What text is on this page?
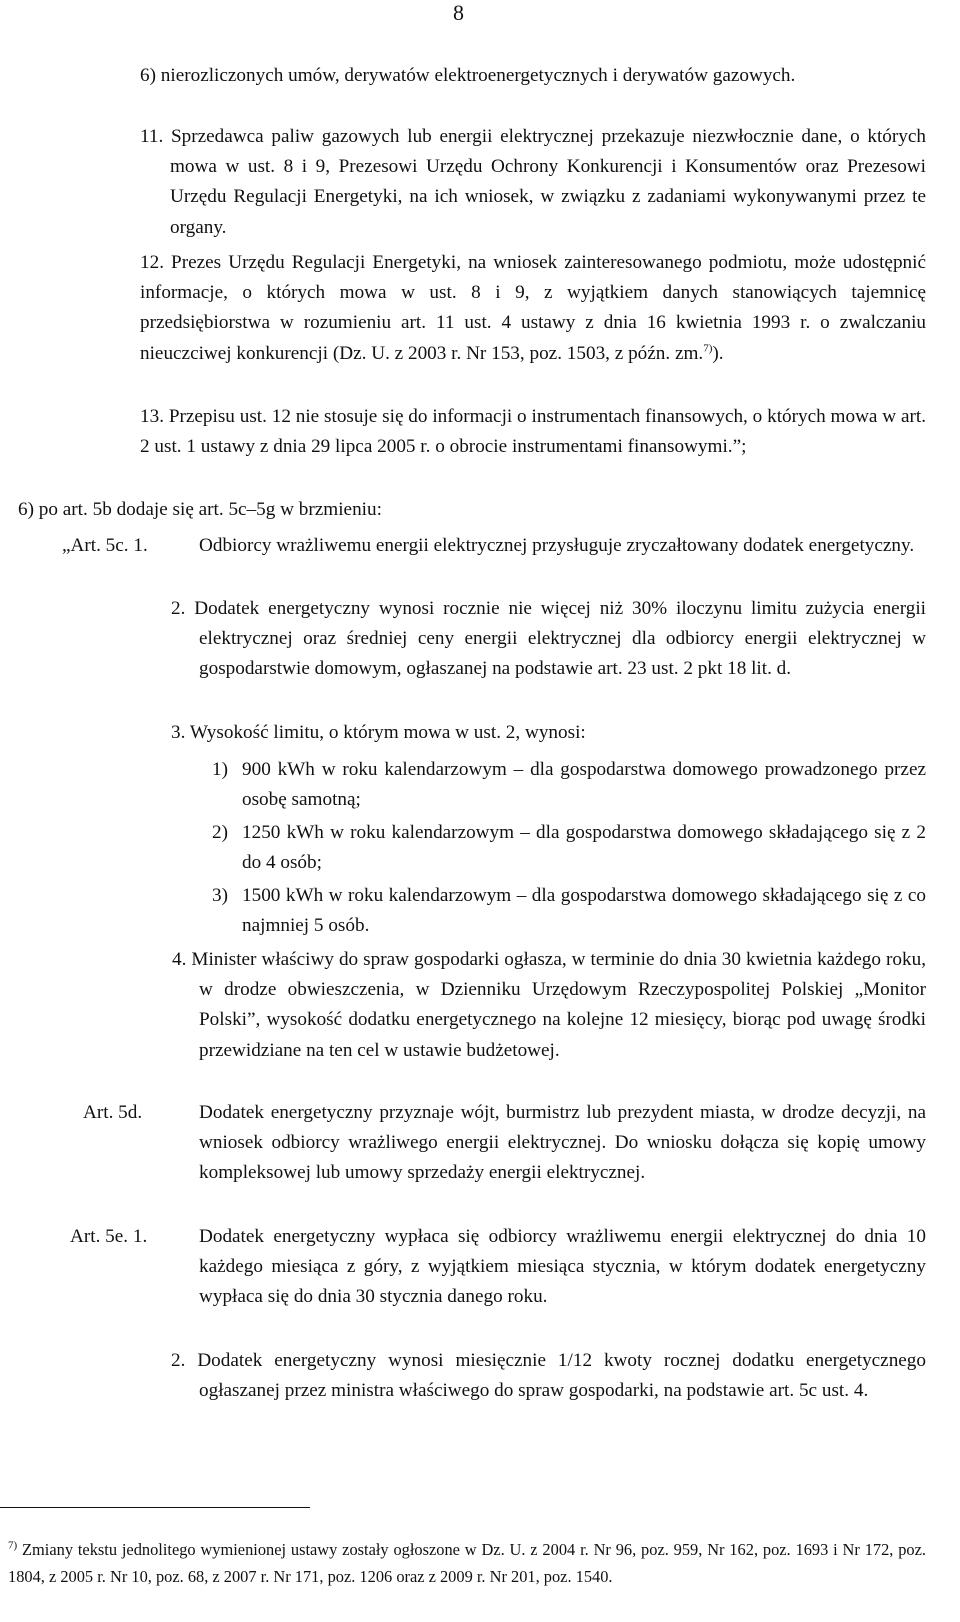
8
6) nierozliczonych umów, derywatów elektroenergetycznych i derywatów gazowych.
11. Sprzedawca paliw gazowych lub energii elektrycznej przekazuje niezwłocznie dane, o których mowa w ust. 8 i 9, Prezesowi Urzędu Ochrony Konkurencji i Konsumentów oraz Prezesowi Urzędu Regulacji Energetyki, na ich wniosek, w związku z zadaniami wykonywanymi przez te organy.
12. Prezes Urzędu Regulacji Energetyki, na wniosek zainteresowanego podmiotu, może udostępnić informacje, o których mowa w ust. 8 i 9, z wyjątkiem danych stanowiących tajemnicę przedsiębiorstwa w rozumieniu art. 11 ust. 4 ustawy z dnia 16 kwietnia 1993 r. o zwalczaniu nieuczciwej konkurencji (Dz. U. z 2003 r. Nr 153, poz. 1503, z późn. zm.$^{7)}$).
13. Przepisu ust. 12 nie stosuje się do informacji o instrumentach finansowych, o których mowa w art. 2 ust. 1 ustawy z dnia 29 lipca 2005 r. o obrocie instrumentami finansowymi.”;
6) po art. 5b dodaje się art. 5c–5g w brzmieniu:
„Art. 5c. 1.	Odbiorcy wrażliwemu energii elektrycznej przysługuje zryczałtowany dodatek energetyczny.
2. Dodatek energetyczny wynosi rocznie nie więcej niż 30% iloczynu limitu zużycia energii elektrycznej oraz średniej ceny energii elektrycznej dla odbiorcy energii elektrycznej w gospodarstwie domowym, ogłaszanej na podstawie art. 23 ust. 2 pkt 18 lit. d.
3. Wysokość limitu, o którym mowa w ust. 2, wynosi:
1) 900 kWh w roku kalendarzowym – dla gospodarstwa domowego prowadzonego przez osobę samotną;
2) 1250 kWh w roku kalendarzowym – dla gospodarstwa domowego składającego się z 2 do 4 osób;
3) 1500 kWh w roku kalendarzowym – dla gospodarstwa domowego składającego się z co najmniej 5 osób.
4. Minister właściwy do spraw gospodarki ogłasza, w terminie do dnia 30 kwietnia każdego roku, w drodze obwieszczenia, w Dzienniku Urzędowym Rzeczypospolitej Polskiej „Monitor Polski”, wysokość dodatku energetycznego na kolejne 12 miesięcy, biorąc pod uwagę środki przewidziane na ten cel w ustawie budżetowej.
Art. 5d.	Dodatek energetyczny przyznaje wójt, burmistrz lub prezydent miasta, w drodze decyzji, na wniosek odbiorcy wrażliwego energii elektrycznej. Do wniosku dołącza się kopię umowy kompleksowej lub umowy sprzedaży energii elektrycznej.
Art. 5e. 1.	Dodatek energetyczny wypłaca się odbiorcy wrażliwemu energii elektrycznej do dnia 10 każdego miesiąca z góry, z wyjątkiem miesiąca stycznia, w którym dodatek energetyczny wypłaca się do dnia 30 stycznia danego roku.
2. Dodatek energetyczny wynosi miesięcznie 1/12 kwoty rocznej dodatku energetycznego ogłaszanej przez ministra właściwego do spraw gospodarki, na podstawie art. 5c ust. 4.
$^{7)}$ Zmiany tekstu jednolitego wymienionej ustawy zostały ogłoszone w Dz. U. z 2004 r. Nr 96, poz. 959, Nr 162, poz. 1693 i Nr 172, poz. 1804, z 2005 r. Nr 10, poz. 68, z 2007 r. Nr 171, poz. 1206 oraz z 2009 r. Nr 201, poz. 1540.
